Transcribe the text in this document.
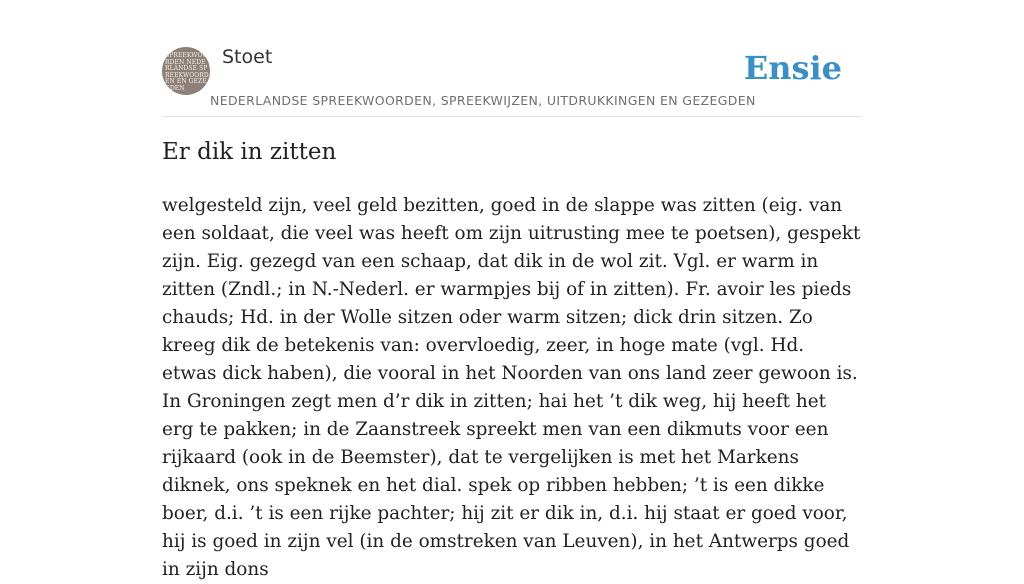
SPREEKWOORDEN NEDERLANDSE SPREEKWOORDEN EN GEZEGDEN
Stoet
NEDERLANDSE SPREEKWOORDEN, SPREEKWIJZEN, UITDRUKKINGEN EN GEZEGDEN
Ensie
Er dik in zitten

welgesteld zijn, veel geld bezitten, goed in de slappe was zitten (eig. van een soldaat, die veel was heeft om zijn uitrusting mee te poetsen), gespekt zijn. Eig. gezegd van een schaap, dat dik in de wol zit. Vgl. er warm in zitten (Zndl.; in N.-Nederl. er warmpjes bij of in zitten). Fr. avoir les pieds chauds; Hd. in der Wolle sitzen oder warm sitzen; dick drin sitzen. Zo kreeg dik de betekenis van: overvloedig, zeer, in hoge mate (vgl. Hd. etwas dick haben), die vooral in het Noorden van ons land zeer gewoon is. In Groningen zegt men d’r dik in zitten; hai het ’t dik weg, hij heeft het erg te pakken; in de Zaanstreek spreekt men van een dikmuts voor een rijkaard (ook in de Beemster), dat te vergelijken is met het Markens diknek, ons speknek en het dial. spek op ribben hebben; ’t is een dikke boer, d.i. ’t is een rijke pachter; hij zit er dik in, d.i. hij staat er goed voor, hij is goed in zijn vel (in de omstreken van Leuven), in het Antwerps goed in zijn dons
